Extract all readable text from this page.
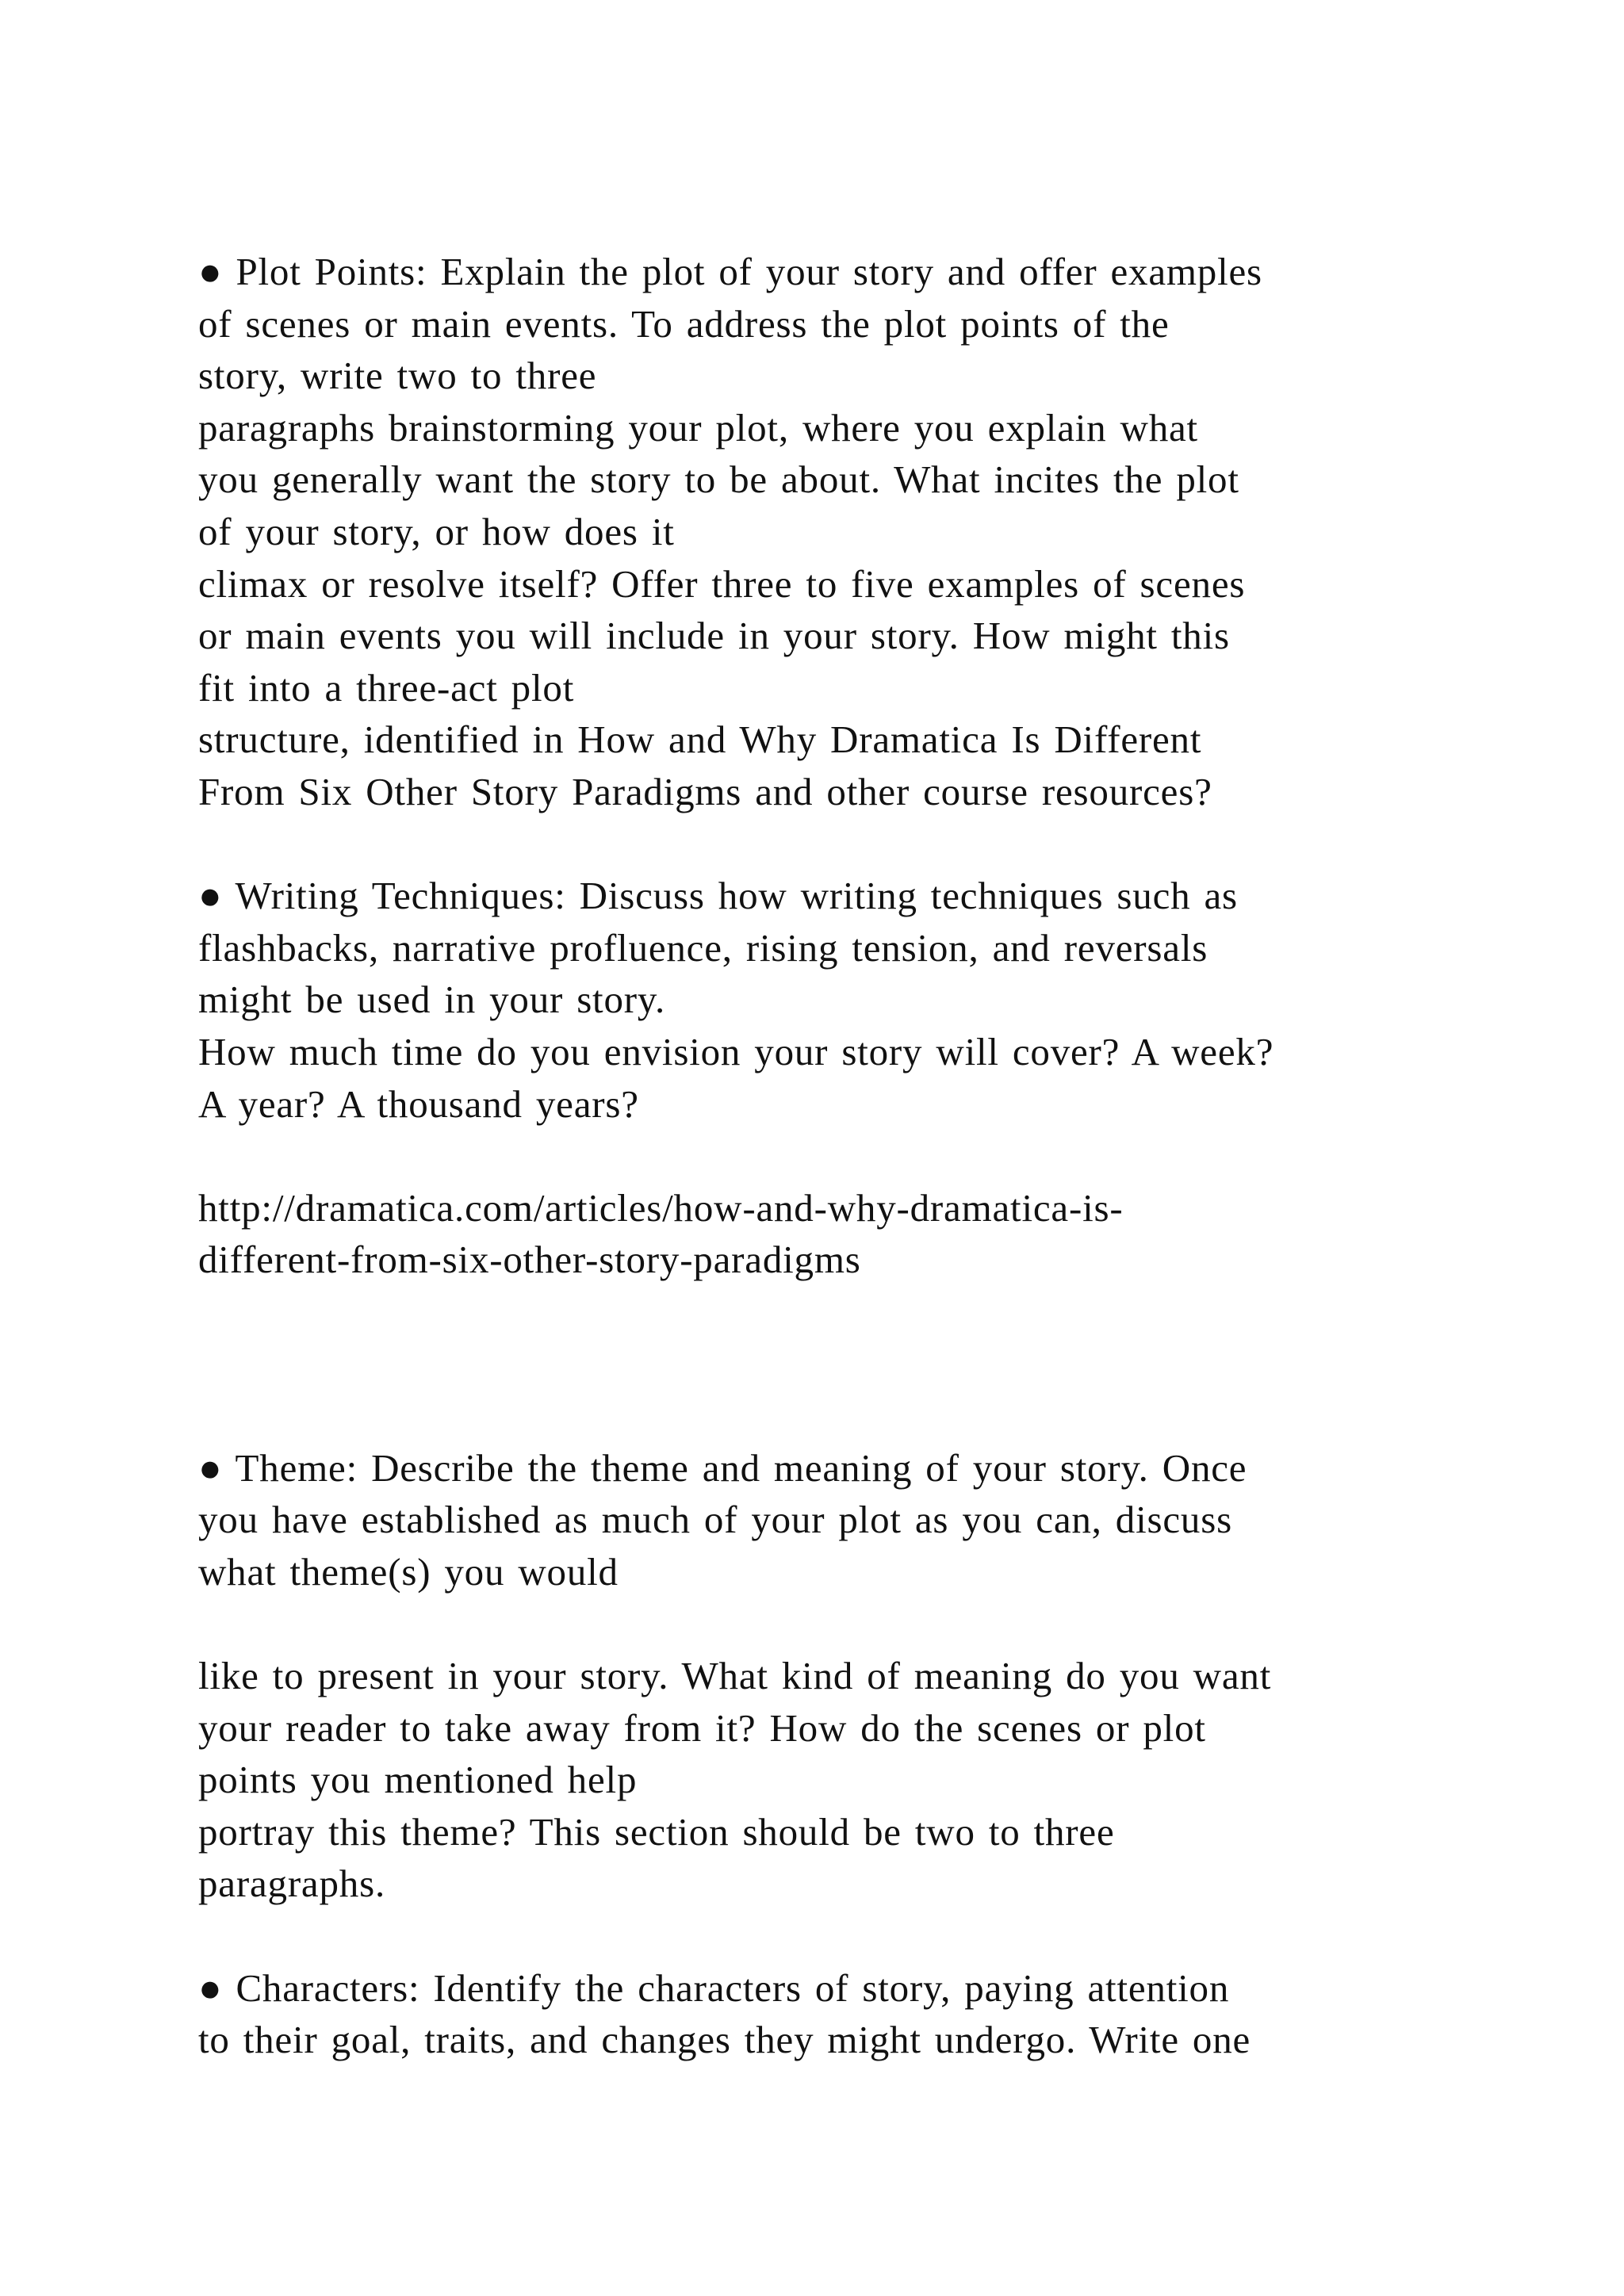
● Plot Points: Explain the plot of your story and offer examples
of scenes or main events. To address the plot points of the
story, write two to three
paragraphs brainstorming your plot, where you explain what
you generally want the story to be about. What incites the plot
of your story, or how does it
climax or resolve itself? Offer three to five examples of scenes
or main events you will include in your story. How might this
fit into a three-act plot
structure, identified in How and Why Dramatica Is Different
From Six Other Story Paradigms and other course resources?
● Writing Techniques: Discuss how writing techniques such as
flashbacks, narrative profluence, rising tension, and reversals
might be used in your story.
How much time do you envision your story will cover? A week?
A year? A thousand years?
http://dramatica.com/articles/how-and-why-dramatica-is-
different-from-six-other-story-paradigms
● Theme: Describe the theme and meaning of your story. Once
you have established as much of your plot as you can, discuss
what theme(s) you would
like to present in your story. What kind of meaning do you want
your reader to take away from it? How do the scenes or plot
points you mentioned help
portray this theme? This section should be two to three
paragraphs.
● Characters: Identify the characters of story, paying attention
to their goal, traits, and changes they might undergo. Write one
